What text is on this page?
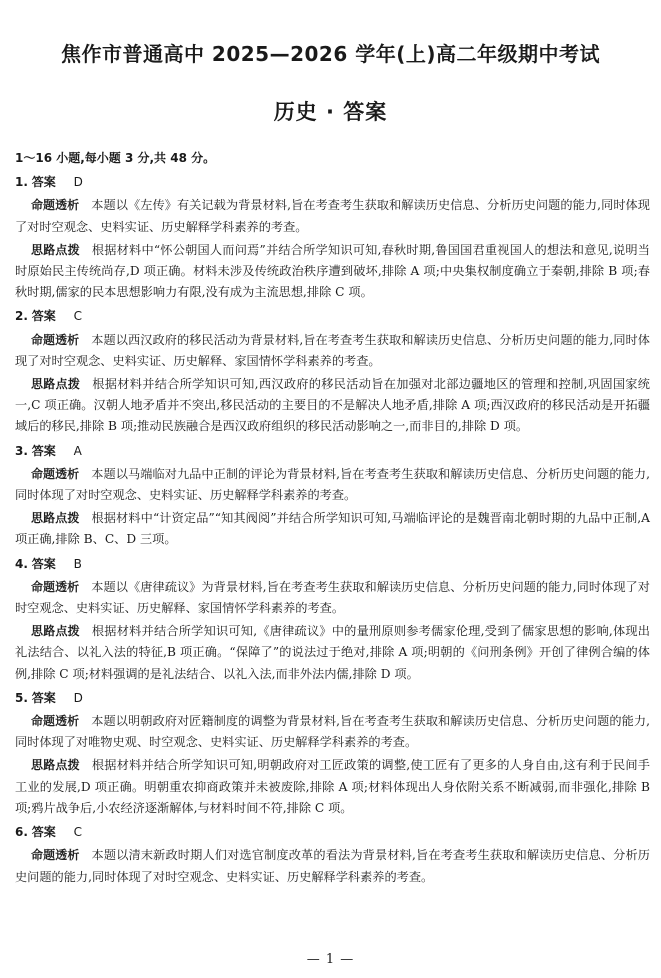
焦作市普通高中 2025—2026 学年(上)高二年级期中考试
历史 · 答案

1～16 小题,每小题 3 分,共 48 分。

1. 答案 D

命题透析 本题以《左传》有关记载为背景材料,旨在考查考生获取和解读历史信息、分析历史问题的能力,同时体现了对时空观念、史料实证、历史解释学科素养的考查。

思路点拨 根据材料中“怀公朝国人而问焉”并结合所学知识可知,春秋时期,鲁国国君重视国人的想法和意见,说明当时原始民主传统尚存,D 项正确。材料未涉及传统政治秩序遭到破坏,排除 A 项;中央集权制度确立于秦朝,排除 B 项;春秋时期,儒家的民本思想影响力有限,没有成为主流思想,排除 C 项。

2. 答案 C

命题透析 本题以西汉政府的移民活动为背景材料,旨在考查考生获取和解读历史信息、分析历史问题的能力,同时体现了对时空观念、史料实证、历史解释、家国情怀学科素养的考查。

思路点拨 根据材料并结合所学知识可知,西汉政府的移民活动旨在加强对北部边疆地区的管理和控制,巩固国家统一,C 项正确。汉朝人地矛盾并不突出,移民活动的主要目的不是解决人地矛盾,排除 A 项;西汉政府的移民活动是开拓疆域后的移民,排除 B 项;推动民族融合是西汉政府组织的移民活动影响之一,而非目的,排除 D 项。

3. 答案 A

命题透析 本题以马端临对九品中正制的评论为背景材料,旨在考查考生获取和解读历史信息、分析历史问题的能力,同时体现了对时空观念、史料实证、历史解释学科素养的考查。

思路点拨 根据材料中“计资定品”“知其阀阅”并结合所学知识可知,马端临评论的是魏晋南北朝时期的九品中正制,A 项正确,排除 B、C、D 三项。

4. 答案 B

命题透析 本题以《唐律疏议》为背景材料,旨在考查考生获取和解读历史信息、分析历史问题的能力,同时体现了对时空观念、史料实证、历史解释、家国情怀学科素养的考查。

思路点拨 根据材料并结合所学知识可知,《唐律疏议》中的量刑原则参考儒家伦理,受到了儒家思想的影响,体现出礼法结合、以礼入法的特征,B 项正确。“保障了”的说法过于绝对,排除 A 项;明朝的《问刑条例》开创了律例合编的体例,排除 C 项;材料强调的是礼法结合、以礼入法,而非外法内儒,排除 D 项。

5. 答案 D

命题透析 本题以明朝政府对匠籍制度的调整为背景材料,旨在考查考生获取和解读历史信息、分析历史问题的能力,同时体现了对唯物史观、时空观念、史料实证、历史解释学科素养的考查。

思路点拨 根据材料并结合所学知识可知,明朝政府对工匠政策的调整,使工匠有了更多的人身自由,这有利于民间手工业的发展,D 项正确。明朝重农抑商政策并未被废除,排除 A 项;材料体现出人身依附关系不断减弱,而非强化,排除 B 项;鸦片战争后,小农经济逐渐解体,与材料时间不符,排除 C 项。

6. 答案 C

命题透析 本题以清末新政时期人们对选官制度改革的看法为背景材料,旨在考查考生获取和解读历史信息、分析历史问题的能力,同时体现了对时空观念、史料实证、历史解释学科素养的考查。

— 1 —
